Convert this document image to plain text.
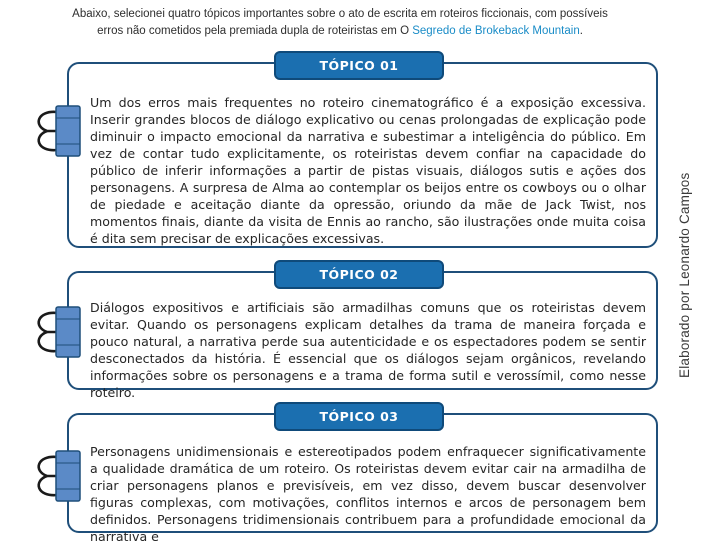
Abaixo, selecionei quatro tópicos importantes sobre o ato de escrita em roteiros ficcionais, com possíveis
erros não cometidos pela premiada dupla de roteiristas em O Segredo de Brokeback Mountain.
TÓPICO 01
Um dos erros mais frequentes no roteiro cinematográfico é a exposição excessiva. Inserir grandes blocos de diálogo explicativo ou cenas prolongadas de explicação pode diminuir o impacto emocional da narrativa e subestimar a inteligência do público. Em vez de contar tudo explicitamente, os roteiristas devem confiar na capacidade do público de inferir informações a partir de pistas visuais, diálogos sutis e ações dos personagens. A surpresa de Alma ao contemplar os beijos entre os cowboys ou o olhar de piedade e aceitação diante da opressão, oriundo da mãe de Jack Twist, nos momentos finais, diante da visita de Ennis ao rancho, são ilustrações onde muita coisa é dita sem precisar de explicações excessivas.
TÓPICO 02
Diálogos expositivos e artificiais são armadilhas comuns que os roteiristas devem evitar. Quando os personagens explicam detalhes da trama de maneira forçada e pouco natural, a narrativa perde sua autenticidade e os espectadores podem se sentir desconectados da história. É essencial que os diálogos sejam orgânicos, revelando informações sobre os personagens e a trama de forma sutil e verossímil, como nesse roteiro.
TÓPICO 03
Personagens unidimensionais e estereotipados podem enfraquecer significativamente a qualidade dramática de um roteiro. Os roteiristas devem evitar cair na armadilha de criar personagens planos e previsíveis, em vez disso, devem buscar desenvolver figuras complexas, com motivações, conflitos internos e arcos de personagem bem definidos. Personagens tridimensionais contribuem para a profundidade emocional da narrativa e
Elaborado por Leonardo Campos
